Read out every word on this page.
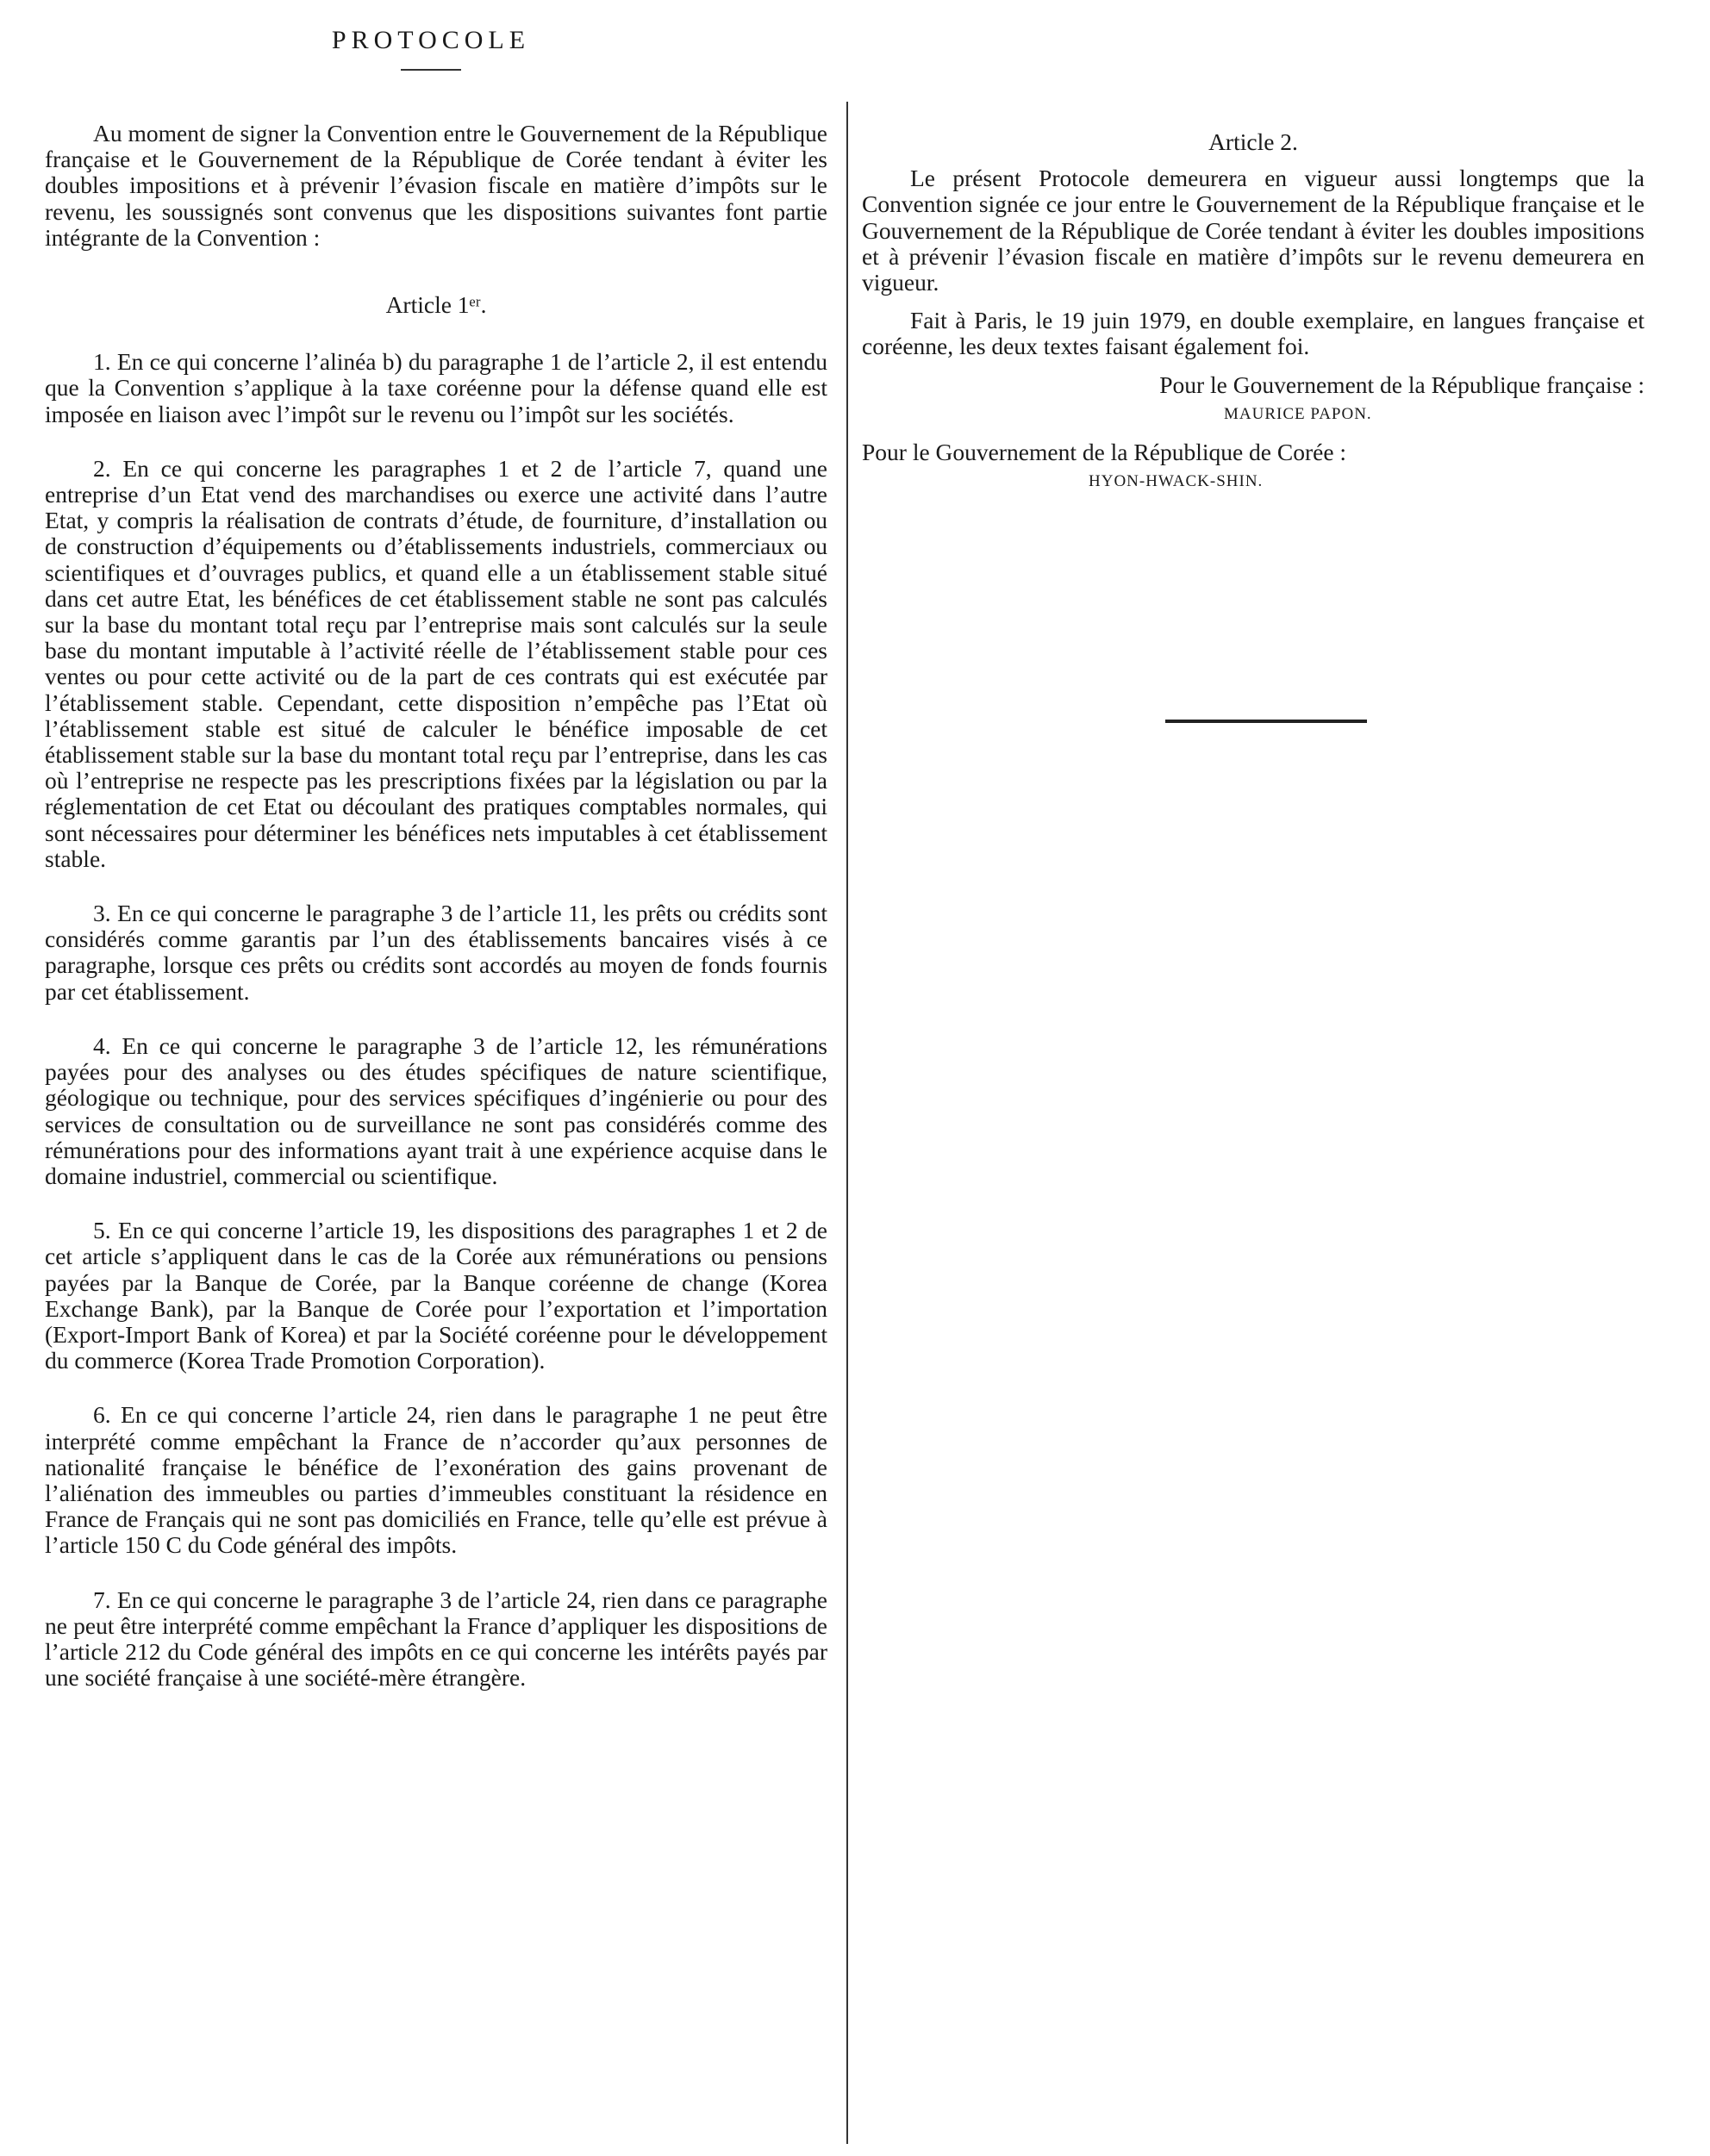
PROTOCOLE

Au moment de signer la Convention entre le Gouvernement de la République française et le Gouvernement de la République de Corée tendant à éviter les doubles impositions et à prévenir l’évasion fiscale en matière d’impôts sur le revenu, les soussignés sont convenus que les dispositions suivantes font partie intégrante de la Convention :

Article 1ᵉʳ.

1. En ce qui concerne l’alinéa b) du paragraphe 1 de l’article 2, il est entendu que la Convention s’applique à la taxe coréenne pour la défense quand elle est imposée en liaison avec l’impôt sur le revenu ou l’impôt sur les sociétés.

2. En ce qui concerne les paragraphes 1 et 2 de l’article 7, quand une entreprise d’un Etat vend des marchandises ou exerce une activité dans l’autre Etat, y compris la réalisation de contrats d’étude, de fourniture, d’installation ou de construction d’équipements ou d’établissements industriels, commerciaux ou scientifiques et d’ouvrages publics, et quand elle a un établissement stable situé dans cet autre Etat, les bénéfices de cet établissement stable ne sont pas calculés sur la base du montant total reçu par l’entreprise mais sont calculés sur la seule base du montant imputable à l’activité réelle de l’établissement stable pour ces ventes ou pour cette activité ou de la part de ces contrats qui est exécutée par l’établissement stable. Cependant, cette disposition n’empêche pas l’Etat où l’établissement stable est situé de calculer le bénéfice imposable de cet établissement stable sur la base du montant total reçu par l’entreprise, dans les cas où l’entreprise ne respecte pas les prescriptions fixées par la législation ou par la réglementation de cet Etat ou découlant des pratiques comptables normales, qui sont nécessaires pour déterminer les bénéfices nets imputables à cet établissement stable.

3. En ce qui concerne le paragraphe 3 de l’article 11, les prêts ou crédits sont considérés comme garantis par l’un des établissements bancaires visés à ce paragraphe, lorsque ces prêts ou crédits sont accordés au moyen de fonds fournis par cet établissement.

4. En ce qui concerne le paragraphe 3 de l’article 12, les rémunérations payées pour des analyses ou des études spécifiques de nature scientifique, géologique ou technique, pour des services spécifiques d’ingénierie ou pour des services de consultation ou de surveillance ne sont pas considérés comme des rémunérations pour des informations ayant trait à une expérience acquise dans le domaine industriel, commercial ou scientifique.

5. En ce qui concerne l’article 19, les dispositions des paragraphes 1 et 2 de cet article s’appliquent dans le cas de la Corée aux rémunérations ou pensions payées par la Banque de Corée, par la Banque coréenne de change (Korea Exchange Bank), par la Banque de Corée pour l’exportation et l’importation (Export-Import Bank of Korea) et par la Société coréenne pour le développement du commerce (Korea Trade Promotion Corporation).

6. En ce qui concerne l’article 24, rien dans le paragraphe 1 ne peut être interprété comme empêchant la France de n’accorder qu’aux personnes de nationalité française le bénéfice de l’exonération des gains provenant de l’aliénation des immeubles ou parties d’immeubles constituant la résidence en France de Français qui ne sont pas domiciliés en France, telle qu’elle est prévue à l’article 150 C du Code général des impôts.

7. En ce qui concerne le paragraphe 3 de l’article 24, rien dans ce paragraphe ne peut être interprété comme empêchant la France d’appliquer les dispositions de l’article 212 du Code général des impôts en ce qui concerne les intérêts payés par une société française à une société-mère étrangère.

Article 2.

Le présent Protocole demeurera en vigueur aussi longtemps que la Convention signée ce jour entre le Gouvernement de la République française et le Gouvernement de la République de Corée tendant à éviter les doubles impositions et à prévenir l’évasion fiscale en matière d’impôts sur le revenu demeurera en vigueur.

Fait à Paris, le 19 juin 1979, en double exemplaire, en langues française et coréenne, les deux textes faisant également foi.

Pour le Gouvernement de la République française :

MAURICE PAPON.

Pour le Gouvernement de la République de Corée :

HYON-HWACK-SHIN.
